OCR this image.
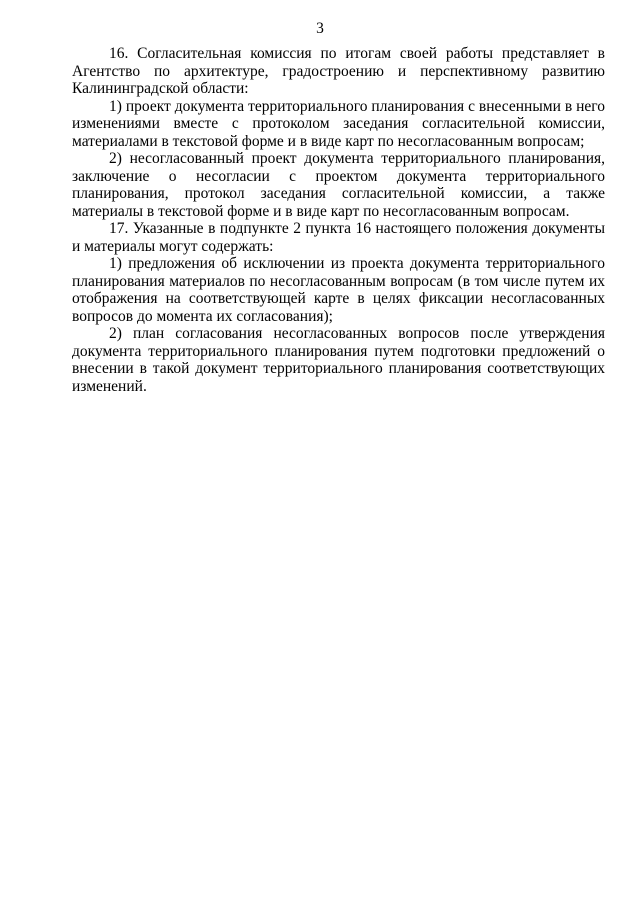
3

16. Согласительная комиссия по итогам своей работы представляет в Агентство по архитектуре, градостроению и перспективному развитию Калининградской области:

1) проект документа территориального планирования с внесенными в него изменениями вместе с протоколом заседания согласительной комиссии, материалами в текстовой форме и в виде карт по несогласованным вопросам;

2) несогласованный проект документа территориального планирования, заключение о несогласии с проектом документа территориального планирования, протокол заседания согласительной комиссии, а также материалы в текстовой форме и в виде карт по несогласованным вопросам.

17. Указанные в подпункте 2 пункта 16 настоящего положения документы и материалы могут содержать:

1) предложения об исключении из проекта документа территориального планирования материалов по несогласованным вопросам (в том числе путем их отображения на соответствующей карте в целях фиксации несогласованных вопросов до момента их согласования);

2) план согласования несогласованных вопросов после утверждения документа территориального планирования путем подготовки предложений о внесении в такой документ территориального планирования соответствующих изменений.
